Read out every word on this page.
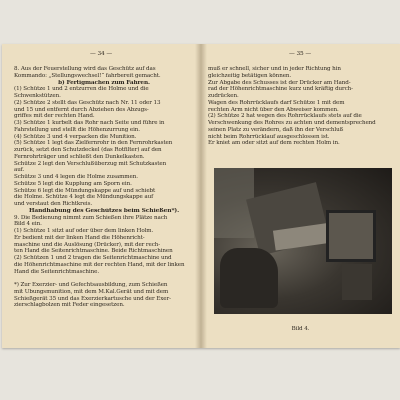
— 34 —
8. Aus der Feuerstellung wird das Geschütz auf das
Kommando: „Stellungswechsel!“ fahrbereit gemacht.
b) Fertigmachen zum Fahren.
(1) Schütze 1 und 2 entzurren die Holme und die
Schwenkstützen.
(2) Schütze 2 stellt das Geschütz nach Nr. 11 oder 13
und 15 und entfernt durch Abziehen des Abzugs-
griffes mit der rechten Hand.
(3) Schütze 1 kurbelt das Rohr nach Seite und führe in
Fahrstellung und stellt die Höhenzurrung ein.
(4) Schütze 3 und 4 verpacken die Munition.
(5) Schütze 1 legt das Zielfernrohr in den Fernrohrkasten
zurück, setzt den Schutzdeckel (das Rotfilter) auf den
Fernrohrträger und schließt den Dunkelkasten.
Schütze 2 legt den Verschlußüberzug mit Schutzkasten
auf.
Schütze 3 und 4 legen die Holme zusammen.
Schütze 5 legt die Kupplung am Sporn ein.
Schütze 6 legt die Mündungskappe auf und schiebt
die Holme. Schütze 4 legt die Mündungskappe auf
und verstaut den Richtkreis.
Handhabung des Geschützes beim Schießen*).
9. Die Bedienung nimmt zum Schießen ihre Plätze nach
Bild 4 ein.
(1) Schütze 1 sitzt auf oder über dem linken Holm.
Er bedient mit der linken Hand die Höhenricht-
maschine und die Auslösung (Drücker), mit der rech-
ten Hand die Seitenrichtmaschine. Beide Richtmaschinen
(2) Schützen 1 und 2 tragen die Seitenrichtmaschine und
die Höhenrichtmaschine mit der rechten Hand, mit der linken
Hand die Seitenrichtmaschine.
*) Zur Exerzier- und Gefechtsausbildung, zum Schießen
mit Übungsmunition, mit dem M.Kal.Gerät und mit dem
Schießgerät 35 und das Exerzierkartusche und der Exer-
zierschlagbolzen mit Feder eingesetzen.
— 35 —
muß er schnell, sicher und in jeder Richtung hin
gleichzeitig betätigen können.
Zur Abgabe des Schusses ist der Drücker am Hand-
rad der Höhenrichtmaschine kurz und kräftig durch-
zudrücken.
Wagen des Rohrrücklaufs darf Schütze 1 mit dem
rechten Arm nicht über den Abweiser kommen.
(2) Schütze 2 hat wegen des Rohrrücklaufs stets auf die
Verschwenkung des Rohres zu achten und dementsprechend
seinen Platz zu verändern, daß ihn der Verschluß
nicht beim Rohrrücklauf ausgeschlossen ist.
Er kniet am oder sitzt auf dem rechten Holm in.
Bild 4.
